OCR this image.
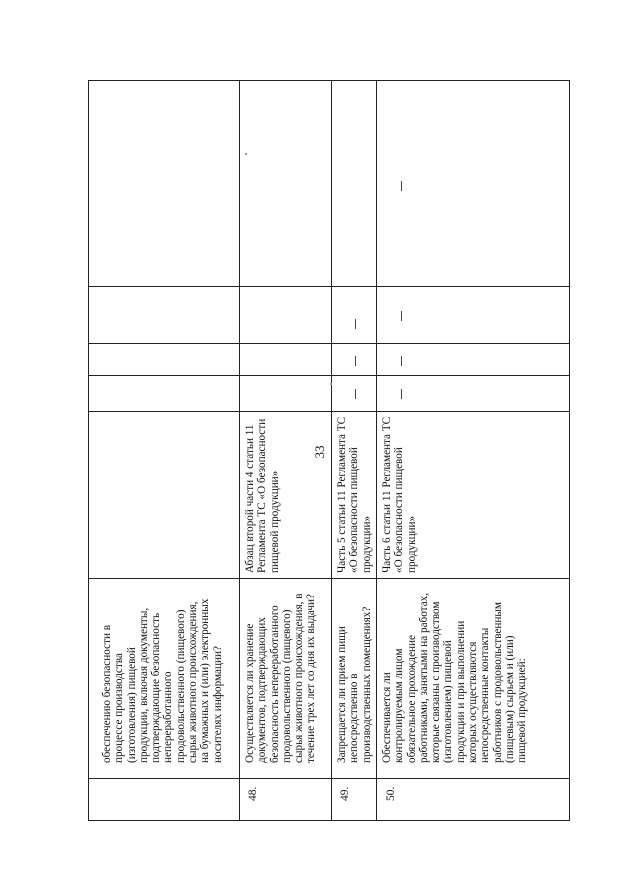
33
обеспечению безопасности в
процессе производства
(изготовления) пищевой
продукции, включая документы,
подтверждающие безопасность
непереработанного
продовольственного (пищевого)
сырья животного происхождения,
на бумажных и (или) электронных
носителях информации?
48.
Осуществляется ли хранение
документов, подтверждающих
безопасность непереработанного
продовольственного (пищевого)
сырья животного происхождения, в
течение трех лет со дня их выдачи?
Абзац второй части 4 статьи 11
Регламента ТС «О безопасности
пищевой продукции»
49.
Запрещается ли прием пищи
непосредственно в
производственных помещениях?
Часть 5 статьи 11 Регламента ТС
«О безопасности пищевой
продукции»
50.
Обеспечивается ли
контролируемым лицом
обязательное прохождение
работниками, занятыми на работах,
которые связаны с производством
(изготовлением) пищевой
продукции и при выполнении
которых осуществляются
непосредственные контакты
работников с продовольственным
(пищевым) сырьем и (или)
пищевой продукцией:
Часть 6 статьи 11 Регламента ТС
«О безопасности пищевой
продукции»
